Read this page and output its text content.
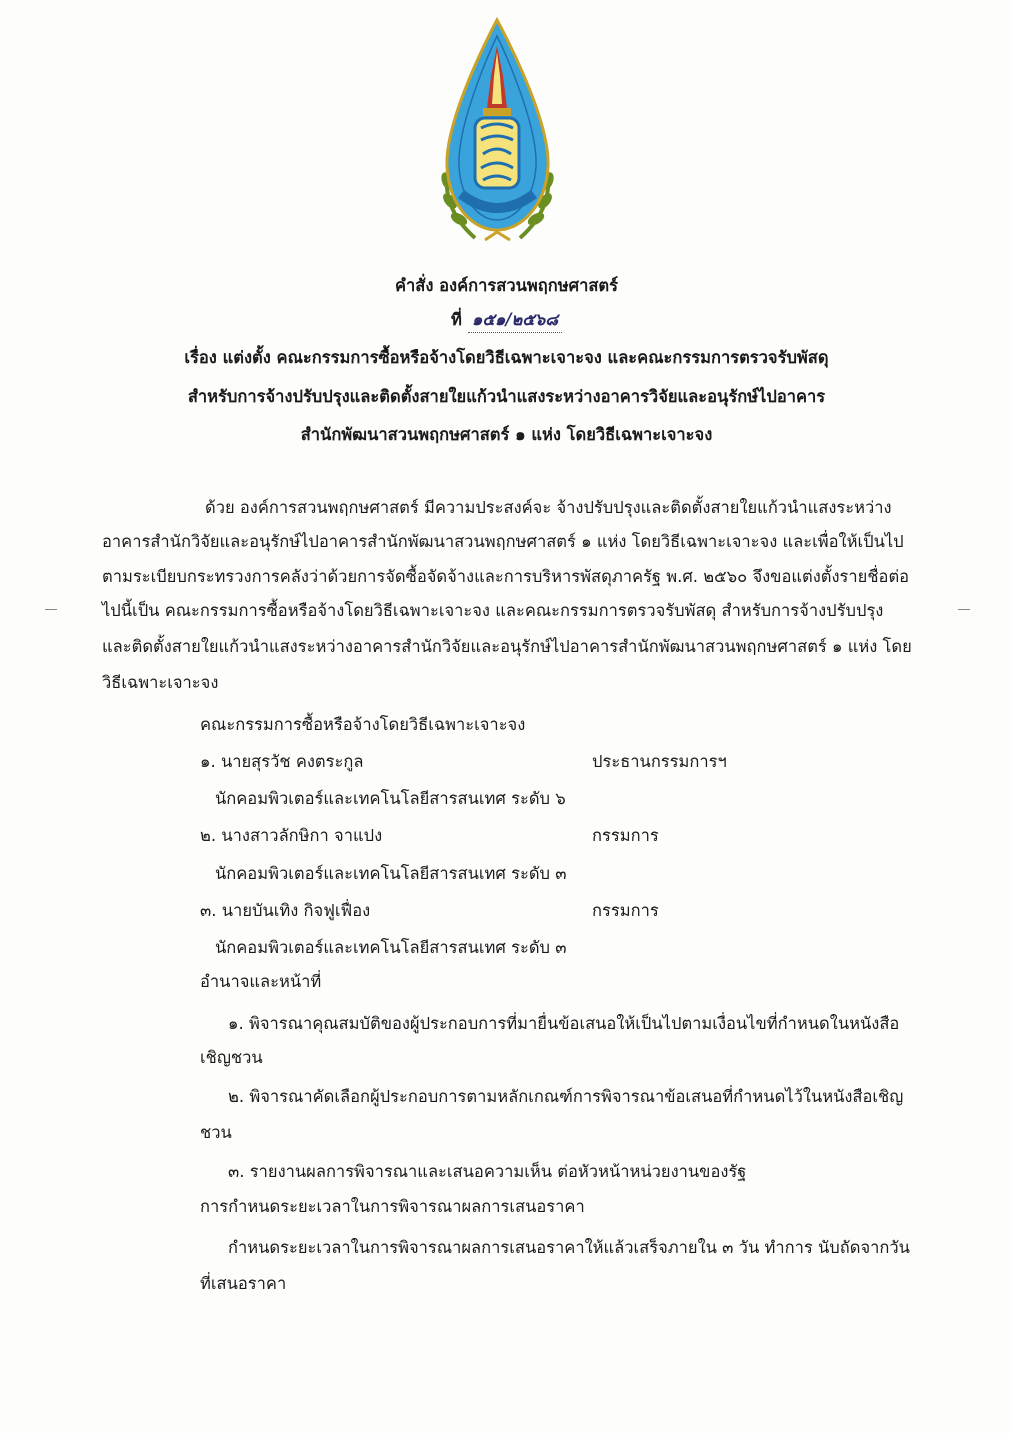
คำสั่ง องค์การสวนพฤกษศาสตร์
ที่ ๑๕๑/๒๕๖๘
เรื่อง แต่งตั้ง คณะกรรมการซื้อหรือจ้างโดยวิธีเฉพาะเจาะจง และคณะกรรมการตรวจรับพัสดุ
สำหรับการจ้างปรับปรุงและติดตั้งสายใยแก้วนำแสงระหว่างอาคารวิจัยและอนุรักษ์ไปอาคาร
สำนักพัฒนาสวนพฤกษศาสตร์ ๑ แห่ง โดยวิธีเฉพาะเจาะจง
ด้วย องค์การสวนพฤกษศาสตร์ มีความประสงค์จะ จ้างปรับปรุงและติดตั้งสายใยแก้วนำแสงระหว่าง
อาคารสำนักวิจัยและอนุรักษ์ไปอาคารสำนักพัฒนาสวนพฤกษศาสตร์ ๑ แห่ง โดยวิธีเฉพาะเจาะจง และเพื่อให้เป็นไป
ตามระเบียบกระทรวงการคลังว่าด้วยการจัดซื้อจัดจ้างและการบริหารพัสดุภาครัฐ พ.ศ. ๒๕๖๐ จึงขอแต่งตั้งรายชื่อต่อ
ไปนี้เป็น คณะกรรมการซื้อหรือจ้างโดยวิธีเฉพาะเจาะจง และคณะกรรมการตรวจรับพัสดุ สำหรับการจ้างปรับปรุง
และติดตั้งสายใยแก้วนำแสงระหว่างอาคารสำนักวิจัยและอนุรักษ์ไปอาคารสำนักพัฒนาสวนพฤกษศาสตร์ ๑ แห่ง โดย
วิธีเฉพาะเจาะจง
คณะกรรมการซื้อหรือจ้างโดยวิธีเฉพาะเจาะจง
๑. นายสุรวัช คงตระกูล	ประธานกรรมการฯ
นักคอมพิวเตอร์และเทคโนโลยีสารสนเทศ ระดับ ๖
๒. นางสาวลักษิกา จาแปง	กรรมการ
นักคอมพิวเตอร์และเทคโนโลยีสารสนเทศ ระดับ ๓
๓. นายบันเทิง กิจฟูเฟื่อง	กรรมการ
นักคอมพิวเตอร์และเทคโนโลยีสารสนเทศ ระดับ ๓
อำนาจและหน้าที่
๑. พิจารณาคุณสมบัติของผู้ประกอบการที่มายื่นข้อเสนอให้เป็นไปตามเงื่อนไขที่กำหนดในหนังสือ
เชิญชวน
๒. พิจารณาคัดเลือกผู้ประกอบการตามหลักเกณฑ์การพิจารณาข้อเสนอที่กำหนดไว้ในหนังสือเชิญ
ชวน
๓. รายงานผลการพิจารณาและเสนอความเห็น ต่อหัวหน้าหน่วยงานของรัฐ
การกำหนดระยะเวลาในการพิจารณาผลการเสนอราคา
กำหนดระยะเวลาในการพิจารณาผลการเสนอราคาให้แล้วเสร็จภายใน ๓ วัน ทำการ นับถัดจากวัน
ที่เสนอราคา
